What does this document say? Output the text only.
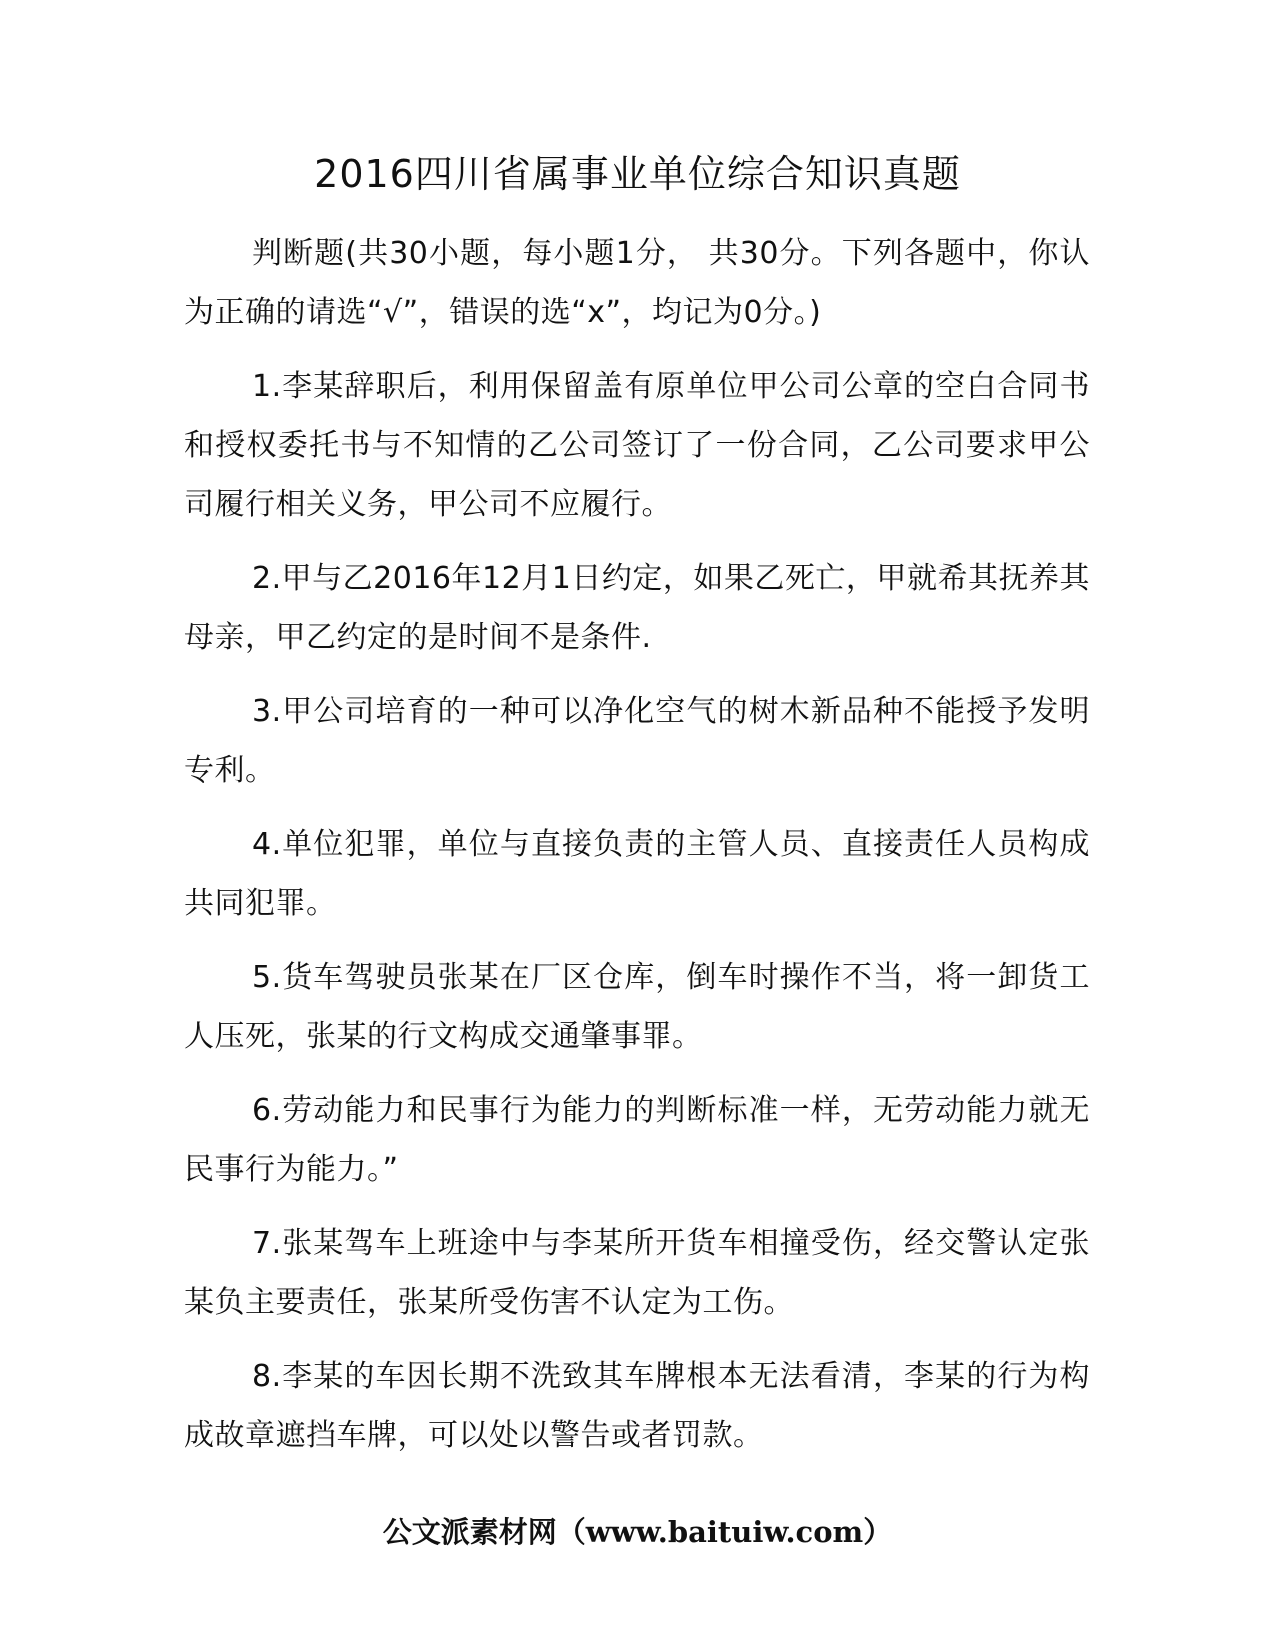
2016四川省属事业单位综合知识真题

判断题(共30小题，每小题1分， 共30分。下列各题中，你认为正确的请选“√”，错误的选“x”，均记为0分。)

1.李某辞职后，利用保留盖有原单位甲公司公章的空白合同书和授权委托书与不知情的乙公司签订了一份合同，乙公司要求甲公司履行相关义务，甲公司不应履行。

2.甲与乙2016年12月1日约定，如果乙死亡，甲就希其抚养其母亲，甲乙约定的是时间不是条件.

3.甲公司培育的一种可以净化空气的树木新品种不能授予发明专利。

4.单位犯罪，单位与直接负责的主管人员、直接责任人员构成共同犯罪。

5.货车驾驶员张某在厂区仓库，倒车时操作不当，将一卸货工人压死，张某的行文构成交通肇事罪。

6.劳动能力和民事行为能力的判断标准一样，无劳动能力就无民事行为能力。”

7.张某驾车上班途中与李某所开货车相撞受伤，经交警认定张某负主要责任，张某所受伤害不认定为工伤。

8.李某的车因长期不洗致其车牌根本无法看清，李某的行为构成故章遮挡车牌，可以处以警告或者罚款。

公文派素材网（www.baituiw.com）
